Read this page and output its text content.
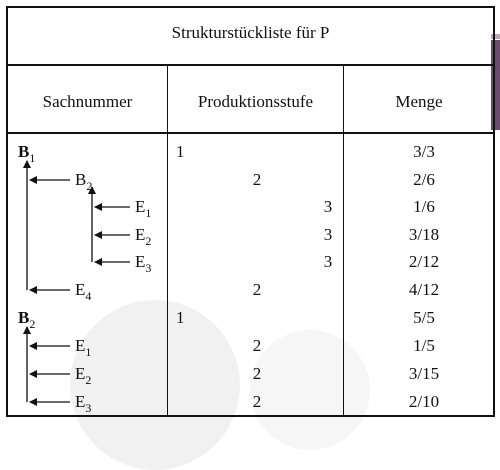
Strukturstückliste für P
Sachnummer	Produktionsstufe	Menge
$B_1$	1	3/3
$B_2$	2	2/6
$E_1$	3	1/6
$E_2$	3	3/18
$E_3$	3	2/12
$E_4$	2	4/12
$B_2$	1	5/5
$E_1$	2	1/5
$E_2$	2	3/15
$E_3$	2	2/10
